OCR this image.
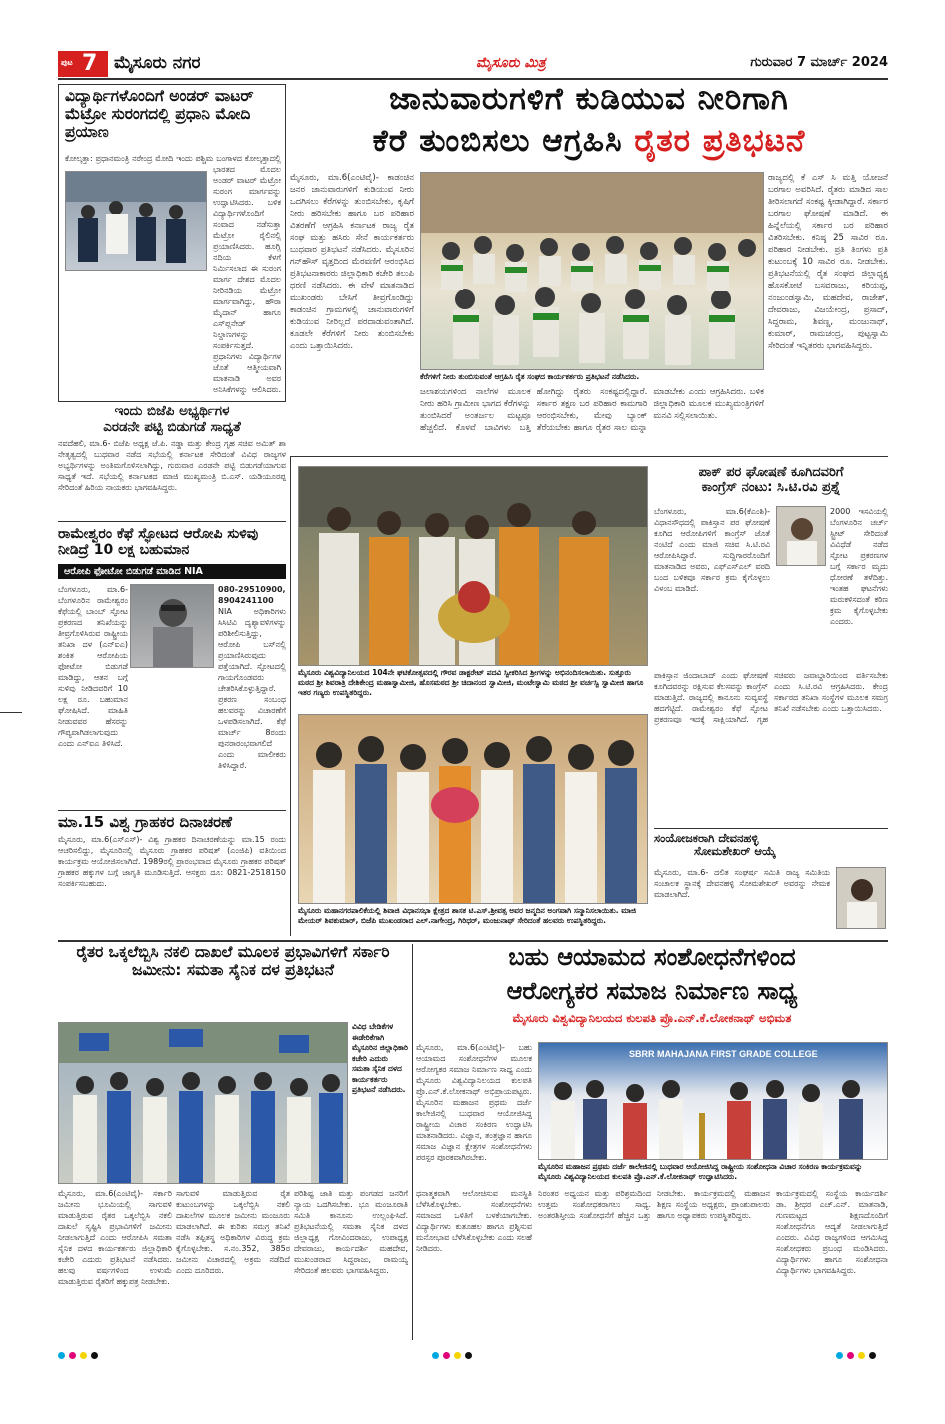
ಪುಟ 7 ಮೈಸೂರು ನಗರ	ಮೈಸೂರು ಮಿತ್ರ	ಗುರುವಾರ 7 ಮಾರ್ಚ್ 2024
ಜಾನುವಾರುಗಳಿಗೆ ಕುಡಿಯುವ ನೀರಿಗಾಗಿ
ಕೆರೆ ತುಂಬಿಸಲು ಆಗ್ರಹಿಸಿ ರೈತರ ಪ್ರತಿಭಟನೆ
ಮೈಸೂರು, ಮಾ.6(ಎಂಟಿವೈ)- ಕಾಡಂಚಿನ ಜನರ ಜಾನುವಾರುಗಳಿಗೆ ಕುಡಿಯುವ ನೀರು ಒದಗಿಸಲು ಕೆರೆಗಳನ್ನು ತುಂಬಿಸಬೇಕು, ಕೃಷಿಗೆ ನೀರು ಹರಿಸಬೇಕು ಹಾಗೂ ಬರ ಪರಿಹಾರ ವಿತರಣೆಗೆ ಆಗ್ರಹಿಸಿ ಕರ್ನಾಟಕ ರಾಜ್ಯ ರೈತ ಸಂಘ ಮತ್ತು ಹಸಿರು ಸೇನೆ ಕಾರ್ಯಕರ್ತರು ಬುಧವಾರ ಪ್ರತಿಭಟನೆ ನಡೆಸಿದರು. ಮೈಸೂರಿನ ಗನ್‌ಹೌಸ್ ವೃತ್ತದಿಂದ ಮೆರವಣಿಗೆ ಆರಂಭಿಸಿದ ಪ್ರತಿಭಟನಾಕಾರರು ಜಿಲ್ಲಾಧಿಕಾರಿ ಕಚೇರಿ ತಲುಪಿ ಧರಣಿ ನಡೆಸಿದರು. ಈ ವೇಳೆ ಮಾತನಾಡಿದ ಮುಖಂಡರು ಬೇಸಿಗೆ ತೀವ್ರಗೊಂಡಿದ್ದು ಕಾಡಂಚಿನ ಗ್ರಾಮಗಳಲ್ಲಿ ಜಾನುವಾರುಗಳಿಗೆ ಕುಡಿಯುವ ನೀರಿಲ್ಲದೆ ಪರದಾಡುವಂತಾಗಿದೆ. ಕೂಡಲೇ ಕೆರೆಗಳಿಗೆ ನೀರು ತುಂಬಿಸಬೇಕು ಎಂದು ಒತ್ತಾಯಿಸಿದರು.
ಕೆರೆಗಳಿಗೆ ನೀರು ತುಂಬಿಸುವಂತೆ ಆಗ್ರಹಿಸಿ ರೈತ ಸಂಘದ ಕಾರ್ಯಕರ್ತರು ಪ್ರತಿಭಟನೆ ನಡೆಸಿದರು.
ಜಲಾಶಯಗಳಿಂದ ನಾಲೆಗಳ ಮೂಲಕ ನೀರು ಹರಿಸಿ ಗ್ರಾಮೀಣ ಭಾಗದ ಕೆರೆಗಳನ್ನು ತುಂಬಿಸಿದರೆ ಅಂತರ್ಜಲ ಮಟ್ಟವೂ ಹೆಚ್ಚಲಿದೆ. ಕೊಳವೆ ಬಾವಿಗಳು ಬತ್ತಿ ಹೋಗಿದ್ದು ರೈತರು ಸಂಕಷ್ಟದಲ್ಲಿದ್ದಾರೆ. ಸರ್ಕಾರ ತಕ್ಷಣ ಬರ ಪರಿಹಾರ ಕಾಮಗಾರಿ ಆರಂಭಿಸಬೇಕು, ಮೇವು ಬ್ಯಾಂಕ್ ತೆರೆಯಬೇಕು ಹಾಗೂ ರೈತರ ಸಾಲ ಮನ್ನಾ ಮಾಡಬೇಕು ಎಂದು ಆಗ್ರಹಿಸಿದರು. ಬಳಿಕ ಜಿಲ್ಲಾಧಿಕಾರಿ ಮೂಲಕ ಮುಖ್ಯಮಂತ್ರಿಗಳಿಗೆ ಮನವಿ ಸಲ್ಲಿಸಲಾಯಿತು.
ರಾಜ್ಯದಲ್ಲಿ ಕೆ ಎಸ್ ಸಿ ಮತ್ತಿ ಯೋಜನೆ ಬರಗಾಲ ಅವರಿಸಿದೆ. ರೈತರು ಮಾಡಿದ ಸಾಲ ತೀರಿಸಲಾಗದೆ ಸಂಕಷ್ಟ ಕ್ಕೀಡಾಗಿದ್ದಾರೆ. ಸರ್ಕಾರ ಬರಗಾಲ ಘೋಷಣೆ ಮಾಡಿದೆ. ಈ ಹಿನ್ನೆಲೆಯಲ್ಲಿ ಸರ್ಕಾರ ಬರ ಪರಿಹಾರ ವಿತರಿಸಬೇಕು. ಕನಿಷ್ಠ 25 ಸಾವಿರ ರೂ. ಪರಿಹಾರ ನೀಡಬೇಕು. ಪ್ರತಿ ತಿಂಗಳು ಪ್ರತಿ ಕುಟುಂಬಕ್ಕೆ 10 ಸಾವಿರ ರೂ. ನೀಡಬೇಕು. ಪ್ರತಿಭಟನೆಯಲ್ಲಿ ರೈತ ಸಂಘದ ಜಿಲ್ಲಾಧ್ಯಕ್ಷ ಹೊಸಕೋಟೆ ಬಸವರಾಜು, ಕರಿಯಪ್ಪ, ನಂಜುಂಡಸ್ವಾಮಿ, ಮಹದೇವ, ರಾಜೇಶ್, ದೇವರಾಜು, ವಿಜಯೇಂದ್ರ, ಪ್ರಸಾದ್, ಸಿದ್ದರಾಮ, ಶಿವಣ್ಣ, ಮಂಜುನಾಥ್, ಕುಮಾರ್, ರಾಮಚಂದ್ರ, ಪುಟ್ಟಸ್ವಾಮಿ ಸೇರಿದಂತೆ ಇನ್ನಿತರರು ಭಾಗವಹಿಸಿದ್ದರು.
ವಿದ್ಯಾರ್ಥಿಗಳೊಂದಿಗೆ ಅಂಡರ್ ವಾಟರ್ ಮೆಟ್ರೋ ಸುರಂಗದಲ್ಲಿ ಪ್ರಧಾನಿ ಮೋದಿ ಪ್ರಯಾಣ
ಕೋಲ್ಕತ್ತಾ: ಪ್ರಧಾನಮಂತ್ರಿ ನರೇಂದ್ರ ಮೋದಿ ಇಂದು ಪಶ್ಚಿಮ ಬಂಗಾಳದ ಕೋಲ್ಕತ್ತಾದಲ್ಲಿ ಭಾರತದ ಮೊದಲ ಅಂಡರ್ ವಾಟರ್ ಮೆಟ್ರೋ ಸುರಂಗ ಮಾರ್ಗವನ್ನು ಉದ್ಘಾಟಿಸಿದರು. ಬಳಿಕ ವಿದ್ಯಾರ್ಥಿಗಳೊಂದಿಗೆ ಸಂವಾದ ನಡೆಸುತ್ತಾ ಮೆಟ್ರೋ ರೈಲಿನಲ್ಲಿ ಪ್ರಯಾಣಿಸಿದರು. ಹೂಗ್ಲಿ ನದಿಯ ಕೆಳಗೆ ನಿರ್ಮಿಸಲಾದ ಈ ಸುರಂಗ ಮಾರ್ಗ ದೇಶದ ಮೊದಲ ನೀರಿನಡಿಯ ಮೆಟ್ರೋ ಮಾರ್ಗವಾಗಿದ್ದು, ಹೌರಾ ಮೈದಾನ್ ಹಾಗೂ ಎಸ್‌ಪ್ಲನೇಡ್ ನಿಲ್ದಾಣಗಳನ್ನು ಸಂಪರ್ಕಿಸುತ್ತದೆ. ಪ್ರಧಾನಿಗಳು ವಿದ್ಯಾರ್ಥಿಗಳ ಜೊತೆ ಆತ್ಮೀಯವಾಗಿ ಮಾತನಾಡಿ ಅವರ ಅನಿಸಿಕೆಗಳನ್ನು ಆಲಿಸಿದರು.
ಇಂದು ಬಿಜೆಪಿ ಅಭ್ಯರ್ಥಿಗಳ
ಎರಡನೇ ಪಟ್ಟಿ ಬಿಡುಗಡೆ ಸಾಧ್ಯತೆ
ನವದೆಹಲಿ, ಮಾ.6- ಬಿಜೆಪಿ ಅಧ್ಯಕ್ಷ ಜೆ.ಪಿ. ನಡ್ಡಾ ಮತ್ತು ಕೇಂದ್ರ ಗೃಹ ಸಚಿವ ಅಮಿತ್ ಶಾ ನೇತೃತ್ವದಲ್ಲಿ ಬುಧವಾರ ನಡೆದ ಸಭೆಯಲ್ಲಿ ಕರ್ನಾಟಕ ಸೇರಿದಂತೆ ವಿವಿಧ ರಾಜ್ಯಗಳ ಅಭ್ಯರ್ಥಿಗಳನ್ನು ಅಂತಿಮಗೊಳಿಸಲಾಗಿದ್ದು, ಗುರುವಾರ ಎರಡನೇ ಪಟ್ಟಿ ಬಿಡುಗಡೆಯಾಗುವ ಸಾಧ್ಯತೆ ಇದೆ. ಸಭೆಯಲ್ಲಿ ಕರ್ನಾಟಕದ ಮಾಜಿ ಮುಖ್ಯಮಂತ್ರಿ ಬಿ.ಎಸ್. ಯಡಿಯೂರಪ್ಪ ಸೇರಿದಂತೆ ಹಿರಿಯ ನಾಯಕರು ಭಾಗವಹಿಸಿದ್ದರು.
ರಾಮೇಶ್ವರಂ ಕೆಫೆ ಸ್ಫೋಟದ ಆರೋಪಿ ಸುಳಿವು ನೀಡಿದ್ರೆ 10 ಲಕ್ಷ ಬಹುಮಾನ
ಆರೋಪಿ ಫೋಟೋ ಬಿಡುಗಡೆ ಮಾಡಿದ NIA
ಬೆಂಗಳೂರು, ಮಾ.6- ಬೆಂಗಳೂರಿನ ರಾಮೇಶ್ವರಂ ಕೆಫೆಯಲ್ಲಿ ಬಾಂಬ್ ಸ್ಫೋಟ ಪ್ರಕರಣದ ತನಿಖೆಯನ್ನು ತೀವ್ರಗೊಳಿಸಿರುವ ರಾಷ್ಟ್ರೀಯ ತನಿಖಾ ದಳ (ಎನ್‌ಐಎ) ಶಂಕಿತ ಆರೋಪಿಯ ಫೋಟೋ ಬಿಡುಗಡೆ ಮಾಡಿದ್ದು, ಆತನ ಬಗ್ಗೆ ಸುಳಿವು ನೀಡಿದವರಿಗೆ 10 ಲಕ್ಷ ರೂ. ಬಹುಮಾನ ಘೋಷಿಸಿದೆ. ಮಾಹಿತಿ ನೀಡುವವರ ಹೆಸರನ್ನು ಗೌಪ್ಯವಾಗಿಡಲಾಗುವುದು ಎಂದು ಎನ್‌ಐಎ ತಿಳಿಸಿದೆ.
080-29510900, 8904241100 NIA ಅಧಿಕಾರಿಗಳು ಸಿಸಿಟಿವಿ ದೃಶ್ಯಾವಳಿಗಳನ್ನು ಪರಿಶೀಲಿಸುತ್ತಿದ್ದು, ಆರೋಪಿ ಬಸ್‌ನಲ್ಲಿ ಪ್ರಯಾಣಿಸಿರುವುದು ಪತ್ತೆಯಾಗಿದೆ. ಸ್ಫೋಟದಲ್ಲಿ ಗಾಯಗೊಂಡವರು ಚೇತರಿಸಿಕೊಳ್ಳುತ್ತಿದ್ದಾರೆ. ಪ್ರಕರಣ ಸಂಬಂಧ ಹಲವರನ್ನು ವಿಚಾರಣೆಗೆ ಒಳಪಡಿಸಲಾಗಿದೆ. ಕೆಫೆ ಮಾರ್ಚ್ 8ರಂದು ಪುನರಾರಂಭವಾಗಲಿದೆ ಎಂದು ಮಾಲೀಕರು ತಿಳಿಸಿದ್ದಾರೆ.
ಮಾ.15 ವಿಶ್ವ ಗ್ರಾಹಕರ ದಿನಾಚರಣೆ
ಮೈಸೂರು, ಮಾ.6(ಎಸ್‌ಎಸ್)- ವಿಶ್ವ ಗ್ರಾಹಕರ ದಿನಾಚರಣೆಯನ್ನು ಮಾ.15 ರಂದು ಆಚರಿಸಲಿದ್ದು, ಮೈಸೂರಿನಲ್ಲಿ ಮೈಸೂರು ಗ್ರಾಹಕರ ಪರಿಷತ್ (ಎಂಜಿಪಿ) ವತಿಯಿಂದ ಕಾರ್ಯಕ್ರಮ ಆಯೋಜಿಸಲಾಗಿದೆ. 1989ರಲ್ಲಿ ಪ್ರಾರಂಭವಾದ ಮೈಸೂರು ಗ್ರಾಹಕರ ಪರಿಷತ್ ಗ್ರಾಹಕರ ಹಕ್ಕುಗಳ ಬಗ್ಗೆ ಜಾಗೃತಿ ಮೂಡಿಸುತ್ತಿದೆ. ಆಸಕ್ತರು ದೂ: 0821-2518150 ಸಂಪರ್ಕಿಸಬಹುದು.
ಮೈಸೂರು ವಿಶ್ವವಿದ್ಯಾನಿಲಯದ 104ನೇ ಘಟಿಕೋತ್ಸವದಲ್ಲಿ ಗೌರವ ಡಾಕ್ಟರೇಟ್ ಪದವಿ ಸ್ವೀಕರಿಸಿದ ಶ್ರೀಗಳನ್ನು ಅಭಿನಂದಿಸಲಾಯಿತು. ಸುತ್ತೂರು ಮಠದ ಶ್ರೀ ಶಿವರಾತ್ರಿ ದೇಶಿಕೇಂದ್ರ ಮಹಾಸ್ವಾಮೀಜಿ, ಹೊಸಮಠದ ಶ್ರೀ ಚಿದಾನಂದ ಸ್ವಾಮೀಜಿ, ಮಂಟೇಸ್ವಾಮಿ ಮಠದ ಶ್ರೀ ವರ್ಚಸ್ವಿ ಸ್ವಾಮೀಜಿ ಹಾಗೂ ಇತರ ಗಣ್ಯರು ಉಪಸ್ಥಿತರಿದ್ದರು.
ಮೈಸೂರು ಮಹಾನಗರಪಾಲಿಕೆಯಲ್ಲಿ ಶಿವಾಜಿ ವಿಧಾನಸಭಾ ಕ್ಷೇತ್ರದ ಶಾಸಕ ಟಿ.ಎಸ್.ಶ್ರೀವತ್ಸ ಅವರ ಜನ್ಮದಿನ ಅಂಗವಾಗಿ ಸನ್ಮಾನಿಸಲಾಯಿತು. ಮಾಜಿ ಮೇಯರ್ ಶಿವಕುಮಾರ್, ಬಿಜೆಪಿ ಮುಖಂಡರಾದ ಎಲ್.ನಾಗೇಂದ್ರ, ಗಿರಿಧರ್, ಮಂಜುನಾಥ್ ಸೇರಿದಂತೆ ಹಲವರು ಉಪಸ್ಥಿತರಿದ್ದರು.
ಪಾಕ್ ಪರ ಘೋಷಣೆ ಕೂಗಿದವರಿಗೆ
ಕಾಂಗ್ರೆಸ್ ನಂಟು: ಸಿ.ಟಿ.ರವಿ ಪ್ರಶ್ನೆ
ಬೆಂಗಳೂರು, ಮಾ.6(ಕೆಎಂಶಿ)- ವಿಧಾನಸೌಧದಲ್ಲಿ ಪಾಕಿಸ್ತಾನ ಪರ ಘೋಷಣೆ ಕೂಗಿದ ಆರೋಪಿಗಳಿಗೆ ಕಾಂಗ್ರೆಸ್ ಜೊತೆ ನಂಟಿದೆ ಎಂದು ಮಾಜಿ ಸಚಿವ ಸಿ.ಟಿ.ರವಿ ಆರೋಪಿಸಿದ್ದಾರೆ. ಸುದ್ದಿಗಾರರೊಂದಿಗೆ ಮಾತನಾಡಿದ ಅವರು, ಎಫ್‌ಎಸ್‌ಎಲ್ ವರದಿ ಬಂದ ಬಳಿಕವೂ ಸರ್ಕಾರ ಕ್ರಮ ಕೈಗೊಳ್ಳಲು ವಿಳಂಬ ಮಾಡಿದೆ.
2000 ಇಸವಿಯಲ್ಲಿ ಬೆಂಗಳೂರಿನ ಚರ್ಚ್ ಸ್ಟ್ರೀಟ್ ಸೇರಿದಂತೆ ವಿವಿಧೆಡೆ ನಡೆದ ಸ್ಫೋಟ ಪ್ರಕರಣಗಳ ಬಗ್ಗೆ ಸರ್ಕಾರ ಮೃದು ಧೋರಣೆ ತಳೆದಿತ್ತು. ಇಂತಹ ಘಟನೆಗಳು ಮರುಕಳಿಸದಂತೆ ಕಠಿಣ ಕ್ರಮ ಕೈಗೊಳ್ಳಬೇಕು ಎಂದರು.
ಪಾಕಿಸ್ತಾನ ಜಿಂದಾಬಾದ್ ಎಂದು ಘೋಷಣೆ ಕೂಗಿದವರನ್ನು ರಕ್ಷಿಸುವ ಕೆಲಸವನ್ನು ಕಾಂಗ್ರೆಸ್ ಮಾಡುತ್ತಿದೆ. ರಾಜ್ಯದಲ್ಲಿ ಕಾನೂನು ಸುವ್ಯವಸ್ಥೆ ಹದಗೆಟ್ಟಿದೆ. ರಾಮೇಶ್ವರಂ ಕೆಫೆ ಸ್ಫೋಟ ಪ್ರಕರಣವೂ ಇದಕ್ಕೆ ಸಾಕ್ಷಿಯಾಗಿದೆ. ಗೃಹ ಸಚಿವರು ಜವಾಬ್ದಾರಿಯಿಂದ ವರ್ತಿಸಬೇಕು ಎಂದು ಸಿ.ಟಿ.ರವಿ ಆಗ್ರಹಿಸಿದರು. ಕೇಂದ್ರ ಸರ್ಕಾರದ ತನಿಖಾ ಸಂಸ್ಥೆಗಳ ಮೂಲಕ ಸಮಗ್ರ ತನಿಖೆ ನಡೆಸಬೇಕು ಎಂದು ಒತ್ತಾಯಿಸಿದರು.
ಸಂಯೋಜಕರಾಗಿ ದೇವನಹಳ್ಳಿ
ಸೋಮಶೇಖರ್ ಆಯ್ಕೆ
ಮೈಸೂರು, ಮಾ.6- ದಲಿತ ಸಂಘರ್ಷ ಸಮಿತಿ ರಾಜ್ಯ ಸಮಿತಿಯ ಸಂಚಾಲಕ ಸ್ಥಾನಕ್ಕೆ ದೇವನಹಳ್ಳಿ ಸೋಮಶೇಖರ್ ಅವರನ್ನು ನೇಮಕ ಮಾಡಲಾಗಿದೆ.
ರೈತರ ಒಕ್ಕಲೆಬ್ಬಿಸಿ ನಕಲಿ ದಾಖಲೆ ಮೂಲಕ ಪ್ರಭಾವಿಗಳಿಗೆ ಸರ್ಕಾರಿ ಜಮೀನು: ಸಮತಾ ಸೈನಿಕ ದಳ ಪ್ರತಿಭಟನೆ
ವಿವಿಧ ಬೇಡಿಕೆಗಳ ಈಡೇರಿಕೆಗಾಗಿ ಮೈಸೂರಿನ ಜಿಲ್ಲಾಧಿಕಾರಿ ಕಚೇರಿ ಎದುರು ಸಮತಾ ಸೈನಿಕ ದಳದ ಕಾರ್ಯಕರ್ತರು ಪ್ರತಿಭಟನೆ ನಡೆಸಿದರು.
ಮೈಸೂರು, ಮಾ.6(ಎಂಟಿವೈ)- ಸರ್ಕಾರಿ ಜಮೀನು ಭೂಮಿಯಲ್ಲಿ ಸಾಗುವಳಿ ಮಾಡುತ್ತಿರುವ ರೈತರ ಒಕ್ಕಲೆಬ್ಬಿಸಿ ನಕಲಿ ದಾಖಲೆ ಸೃಷ್ಟಿಸಿ ಪ್ರಭಾವಿಗಳಿಗೆ ಜಮೀನು ನೀಡಲಾಗುತ್ತಿದೆ ಎಂದು ಆರೋಪಿಸಿ ಸಮತಾ ಸೈನಿಕ ದಳದ ಕಾರ್ಯಕರ್ತರು ಜಿಲ್ಲಾಧಿಕಾರಿ ಕಚೇರಿ ಎದುರು ಪ್ರತಿಭಟನೆ ನಡೆಸಿದರು. ಹಲವು ವರ್ಷಗಳಿಂದ ಉಳುಮೆ ಮಾಡುತ್ತಿರುವ ರೈತರಿಗೆ ಹಕ್ಕುಪತ್ರ ನೀಡಬೇಕು.
ಸಾಗುವಳಿ ಮಾಡುತ್ತಿರುವ ರೈತ ಕುಟುಂಬಗಳನ್ನು ಒಕ್ಕಲೆಬ್ಬಿಸಿ ನಕಲಿ ದಾಖಲೆಗಳ ಮೂಲಕ ಜಮೀನು ಮಂಜೂರು ಮಾಡಲಾಗಿದೆ. ಈ ಕುರಿತು ಸಮಗ್ರ ತನಿಖೆ ನಡೆಸಿ ತಪ್ಪಿತಸ್ಥ ಅಧಿಕಾರಿಗಳ ವಿರುದ್ಧ ಕ್ರಮ ಕೈಗೊಳ್ಳಬೇಕು. ಸ.ನಂ.352, 385ರ ಜಮೀನು ವಿಚಾರದಲ್ಲಿ ಅಕ್ರಮ ನಡೆದಿದೆ ಎಂದು ದೂರಿದರು.
ಪರಿಶಿಷ್ಟ ಜಾತಿ ಮತ್ತು ಪಂಗಡದ ಜನರಿಗೆ ನ್ಯಾಯ ಒದಗಿಸಬೇಕು. ಭೂ ಮಂಜೂರಾತಿ ಸಮಿತಿ ಕಾನೂನು ಉಲ್ಲಂಘಿಸಿದೆ. ಪ್ರತಿಭಟನೆಯಲ್ಲಿ ಸಮತಾ ಸೈನಿಕ ದಳದ ಜಿಲ್ಲಾಧ್ಯಕ್ಷ ಗೋವಿಂದರಾಜು, ಉಪಾಧ್ಯಕ್ಷ ದೇವರಾಜು, ಕಾರ್ಯದರ್ಶಿ ಮಹದೇವ, ಮುಖಂಡರಾದ ಸಿದ್ದರಾಜು, ರಾಮಯ್ಯ ಸೇರಿದಂತೆ ಹಲವರು ಭಾಗವಹಿಸಿದ್ದರು.
ಬಹು ಆಯಾಮದ ಸಂಶೋಧನೆಗಳಿಂದ
ಆರೋಗ್ಯಕರ ಸಮಾಜ ನಿರ್ಮಾಣ ಸಾಧ್ಯ
ಮೈಸೂರು ವಿಶ್ವವಿದ್ಯಾನಿಲಯದ ಕುಲಪತಿ ಪ್ರೊ.ಎನ್.ಕೆ.ಲೋಕನಾಥ್ ಅಭಿಮತ
ಮೈಸೂರು, ಮಾ.6(ಎಂಟಿವೈ)- ಬಹು ಆಯಾಮದ ಸಂಶೋಧನೆಗಳ ಮೂಲಕ ಆರೋಗ್ಯಕರ ಸಮಾಜ ನಿರ್ಮಾಣ ಸಾಧ್ಯ ಎಂದು ಮೈಸೂರು ವಿಶ್ವವಿದ್ಯಾನಿಲಯದ ಕುಲಪತಿ ಪ್ರೊ.ಎನ್.ಕೆ.ಲೋಕನಾಥ್ ಅಭಿಪ್ರಾಯಪಟ್ಟರು. ಮೈಸೂರಿನ ಮಹಾಜನ ಪ್ರಥಮ ದರ್ಜೆ ಕಾಲೇಜಿನಲ್ಲಿ ಬುಧವಾರ ಆಯೋಜಿಸಿದ್ದ ರಾಷ್ಟ್ರೀಯ ವಿಚಾರ ಸಂಕಿರಣ ಉದ್ಘಾಟಿಸಿ ಮಾತನಾಡಿದರು. ವಿಜ್ಞಾನ, ತಂತ್ರಜ್ಞಾನ ಹಾಗೂ ಸಮಾಜ ವಿಜ್ಞಾನ ಕ್ಷೇತ್ರಗಳ ಸಂಶೋಧನೆಗಳು ಪರಸ್ಪರ ಪೂರಕವಾಗಿರಬೇಕು.
SBRR MAHAJANA FIRST GRADE COLLEGE
ಮೈಸೂರಿನ ಮಹಾಜನ ಪ್ರಥಮ ದರ್ಜೆ ಕಾಲೇಜಿನಲ್ಲಿ ಬುಧವಾರ ಆಯೋಜಿಸಿದ್ದ ರಾಷ್ಟ್ರೀಯ ಸಂಶೋಧನಾ ವಿಚಾರ ಸಂಕಿರಣ ಕಾರ್ಯಕ್ರಮವನ್ನು ಮೈಸೂರು ವಿಶ್ವವಿದ್ಯಾನಿಲಯದ ಕುಲಪತಿ ಪ್ರೊ.ಎನ್.ಕೆ.ಲೋಕನಾಥ್ ಉದ್ಘಾಟಿಸಿದರು.
ಧನಾತ್ಮಕವಾಗಿ ಆಲೋಚಿಸುವ ಮನಸ್ಥಿತಿ ಬೆಳೆಸಿಕೊಳ್ಳಬೇಕು. ಸಂಶೋಧನೆಗಳು ಸಮಾಜದ ಒಳಿತಿಗೆ ಬಳಕೆಯಾಗಬೇಕು. ವಿದ್ಯಾರ್ಥಿಗಳು ಕುತೂಹಲ ಹಾಗೂ ಪ್ರಶ್ನಿಸುವ ಮನೋಭಾವ ಬೆಳೆಸಿಕೊಳ್ಳಬೇಕು ಎಂದು ಸಲಹೆ ನೀಡಿದರು.
ನಿರಂತರ ಅಧ್ಯಯನ ಮತ್ತು ಪರಿಶ್ರಮದಿಂದ ಉತ್ತಮ ಸಂಶೋಧಕರಾಗಲು ಸಾಧ್ಯ. ಅಂತರಶಿಸ್ತೀಯ ಸಂಶೋಧನೆಗೆ ಹೆಚ್ಚಿನ ಒತ್ತು ನೀಡಬೇಕು. ಕಾರ್ಯಕ್ರಮದಲ್ಲಿ ಮಹಾಜನ ಶಿಕ್ಷಣ ಸಂಸ್ಥೆಯ ಅಧ್ಯಕ್ಷರು, ಪ್ರಾಂಶುಪಾಲರು ಹಾಗೂ ಅಧ್ಯಾಪಕರು ಉಪಸ್ಥಿತರಿದ್ದರು.
ಕಾರ್ಯಕ್ರಮದಲ್ಲಿ ಸಂಸ್ಥೆಯ ಕಾರ್ಯದರ್ಶಿ ಡಾ. ಶ್ರೀಧರ ಎಚ್.ಎನ್. ಮಾತನಾಡಿ, ಗುಣಮಟ್ಟದ ಶಿಕ್ಷಣದೊಂದಿಗೆ ಸಂಶೋಧನೆಗೂ ಆದ್ಯತೆ ನೀಡಲಾಗುತ್ತಿದೆ ಎಂದರು. ವಿವಿಧ ರಾಜ್ಯಗಳಿಂದ ಆಗಮಿಸಿದ್ದ ಸಂಶೋಧಕರು ಪ್ರಬಂಧ ಮಂಡಿಸಿದರು. ವಿದ್ಯಾರ್ಥಿಗಳು ಹಾಗೂ ಸಂಶೋಧನಾ ವಿದ್ಯಾರ್ಥಿಗಳು ಭಾಗವಹಿಸಿದ್ದರು.
